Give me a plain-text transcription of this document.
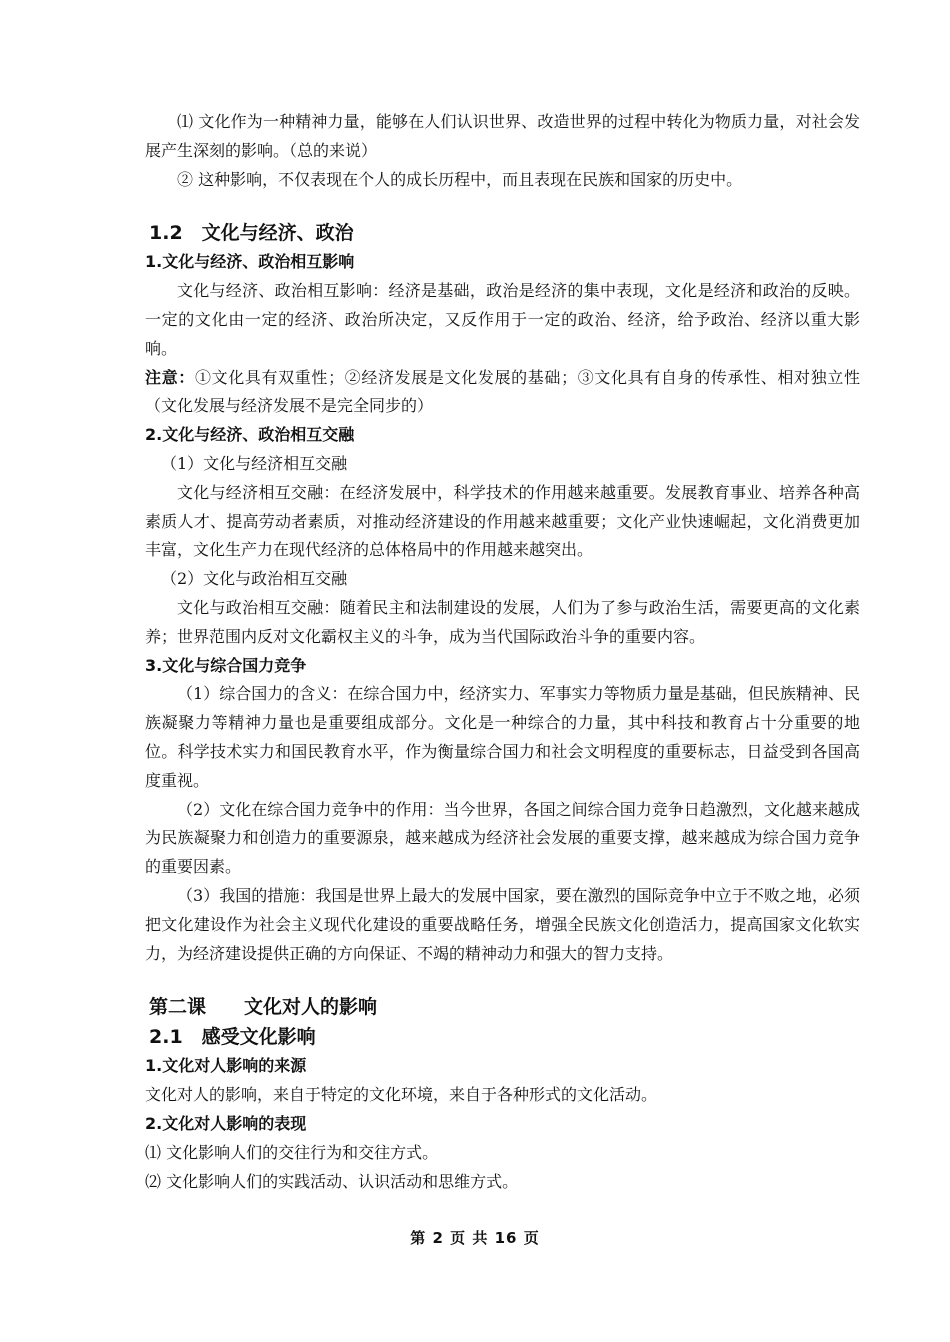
⑴ 文化作为一种精神力量，能够在人们认识世界、改造世界的过程中转化为物质力量，对社会发展产生深刻的影响。（总的来说）

② 这种影响，不仅表现在个人的成长历程中，而且表现在民族和国家的历史中。

1.2　文化与经济、政治
1.文化与经济、政治相互影响

文化与经济、政治相互影响：经济是基础，政治是经济的集中表现，文化是经济和政治的反映。一定的文化由一定的经济、政治所决定，又反作用于一定的政治、经济，给予政治、经济以重大影响。

注意：①文化具有双重性；②经济发展是文化发展的基础；③文化具有自身的传承性、相对独立性（文化发展与经济发展不是完全同步的）

2.文化与经济、政治相互交融

（1）文化与经济相互交融

文化与经济相互交融：在经济发展中，科学技术的作用越来越重要。发展教育事业、培养各种高素质人才、提高劳动者素质，对推动经济建设的作用越来越重要；文化产业快速崛起，文化消费更加丰富，文化生产力在现代经济的总体格局中的作用越来越突出。

（2）文化与政治相互交融

文化与政治相互交融：随着民主和法制建设的发展，人们为了参与政治生活，需要更高的文化素养；世界范围内反对文化霸权主义的斗争，成为当代国际政治斗争的重要内容。

3.文化与综合国力竞争

（1）综合国力的含义：在综合国力中，经济实力、军事实力等物质力量是基础，但民族精神、民族凝聚力等精神力量也是重要组成部分。文化是一种综合的力量，其中科技和教育占十分重要的地位。科学技术实力和国民教育水平，作为衡量综合国力和社会文明程度的重要标志，日益受到各国高度重视。

（2）文化在综合国力竞争中的作用：当今世界，各国之间综合国力竞争日趋激烈，文化越来越成为民族凝聚力和创造力的重要源泉，越来越成为经济社会发展的重要支撑，越来越成为综合国力竞争的重要因素。

（3）我国的措施：我国是世界上最大的发展中国家，要在激烈的国际竞争中立于不败之地，必须把文化建设作为社会主义现代化建设的重要战略任务，增强全民族文化创造活力，提高国家文化软实力，为经济建设提供正确的方向保证、不竭的精神动力和强大的智力支持。

第二课　　文化对人的影响
2.1　感受文化影响
1.文化对人影响的来源

文化对人的影响，来自于特定的文化环境，来自于各种形式的文化活动。

2.文化对人影响的表现

⑴ 文化影响人们的交往行为和交往方式。

⑵ 文化影响人们的实践活动、认识活动和思维方式。

第 2 页 共 16 页
